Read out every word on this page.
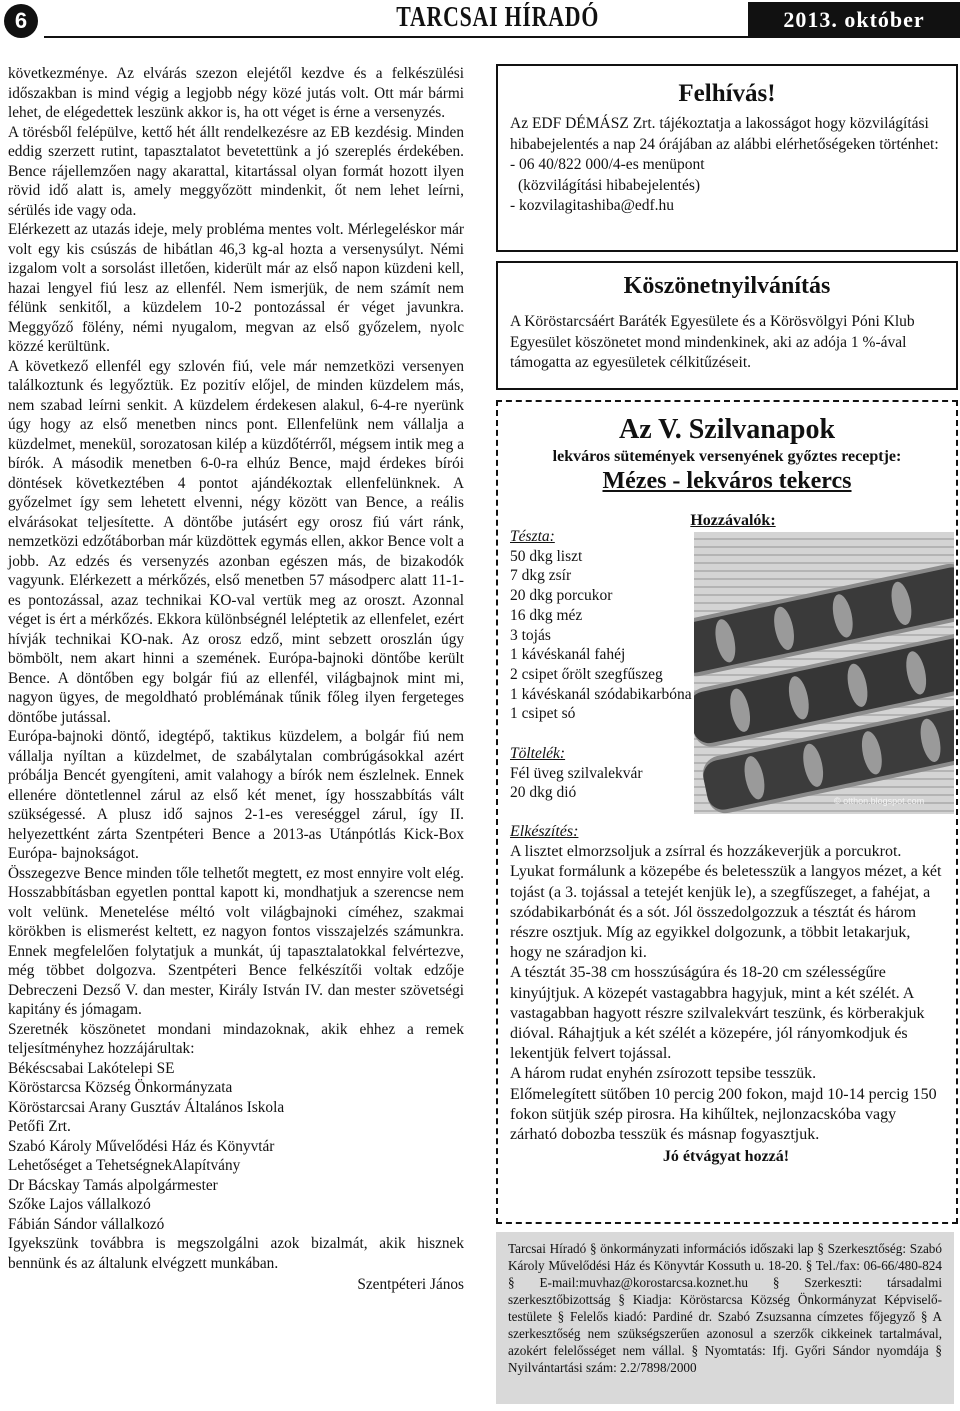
6	TARCSAI HÍRADÓ	2013. október

következménye. Az elvárás szezon elejétől kezdve és a felkészülési időszakban is mind végig a legjobb négy közé jutás volt. Ott már bármi lehet, de elégedettek leszünk akkor is, ha ott véget is érne a versenyzés.

A törésből felépülve, kettő hét állt rendelkezésre az EB kezdésig. Minden eddig szerzett rutint, tapasztalatot bevetettünk a jó szereplés érdekében. Bence rájellemzően nagy akarattal, kitartással olyan formát hozott ilyen rövid idő alatt is, amely meggyőzött mindenkit, őt nem lehet leírni, sérülés ide vagy oda.

Elérkezett az utazás ideje, mely probléma mentes volt. Mérlegeléskor már volt egy kis csúszás de hibátlan 46,3 kg-al hozta a versenysúlyt. Némi izgalom volt a sorsolást illetően, kiderült már az első napon küzdeni kell, hazai lengyel fiú lesz az ellenfél. Nem ismerjük, de nem számít nem félünk senkitől, a küzdelem 10-2 pontozással ér véget javunkra. Meggyőző fölény, némi nyugalom, megvan az első győzelem, nyolc közzé kerültünk.

A következő ellenfél egy szlovén fiú, vele már nemzetközi versenyen találkoztunk és legyőztük. Ez pozitív előjel, de minden küzdelem más, nem szabad leírni senkit. A küzdelem érdekesen alakul, 6-4-re nyerünk úgy hogy az első menetben nincs pont. Ellenfelünk nem vállalja a küzdelmet, menekül, sorozatosan kilép a küzdőtérről, mégsem intik meg a bírók. A második menetben 6-0-ra elhúz Bence, majd érdekes bírói döntések következtében 4 pontot ajándékoztak ellenfelünknek. A győzelmet így sem lehetett elvenni, négy között van Bence, a reális elvárásokat teljesítette. A döntőbe jutásért egy orosz fiú várt ránk, nemzetközi edzőtáborban már küzdöttek egymás ellen, akkor Bence volt a jobb. Az edzés és versenyzés azonban egészen más, de bizakodók vagyunk. Elérkezett a mérkőzés, első menetben 57 másodperc alatt 11-1-es pontozással, azaz technikai KO-val vertük meg az oroszt. Azonnal véget is ért a mérkőzés. Ekkora különbségnél leléptetik az ellenfelet, ezért hívják technikai KO-nak. Az orosz edző, mint sebzett oroszlán úgy bömbölt, nem akart hinni a szemének. Európa-bajnoki döntőbe került Bence. A döntőben egy bolgár fiú az ellenfél, világbajnok mint mi, nagyon ügyes, de megoldható problémának tűnik főleg ilyen fergeteges döntőbe jutással.

Európa-bajnoki döntő, idegtépő, taktikus küzdelem, a bolgár fiú nem vállalja nyíltan a küzdelmet, de szabálytalan combrúgásokkal azért próbálja Bencét gyengíteni, amit valahogy a bírók nem észlelnek. Ennek ellenére döntetlennel zárul az első két menet, így hosszabbítás vált szükségessé. A plusz idő sajnos 2-1-es vereséggel zárul, így II. helyezettként zárta Szentpéteri Bence a 2013-as Utánpótlás Kick-Box Európa- bajnokságot.

Összegezve Bence minden tőle telhetőt megtett, ez most ennyire volt elég. Hosszabbításban egyetlen ponttal kapott ki, mondhatjuk a szerencse nem volt velünk. Menetelése méltó volt világbajnoki címéhez, szakmai körökben is elismerést keltett, ez nagyon fontos visszajelzés számunkra. Ennek megfelelően folytatjuk a munkát, új tapasztalatokkal felvértezve, még többet dolgozva. Szentpéteri Bence felkészítői voltak edzője Debreczeni Dezső V. dan mester, Király István IV. dan mester szövetségi kapitány és jómagam.

Szeretnék köszönetet mondani mindazoknak, akik ehhez a remek teljesítményhez hozzájárultak:

Békéscsabai Lakótelepi SE

Köröstarcsa Község Önkormányzata

Köröstarcsai Arany Gusztáv Általános Iskola

Petőfi Zrt.

Szabó Károly Művelődési Ház és Könyvtár

Lehetőséget a TehetségnekAlapítvány

Dr Bácskay Tamás alpolgármester

Szőke Lajos vállalkozó

Fábián Sándor vállalkozó

Igyekszünk továbbra is megszolgálni azok bizalmát, akik hisznek bennünk és az általunk elvégzett munkában.

Szentpéteri János

Felhívás!
Az EDF DÉMÁSZ Zrt. tájékoztatja a lakosságot hogy közvilágítási hibabejelentés a nap 24 órájában az alábbi elérhetőségeken történhet:
- 06 40/822 000/4-es menüpont
(közvilágítási hibabejelentés)
- kozvilagitashiba@edf.hu
Köszönetnyilvánítás
A Köröstarcsáért Baráték Egyesülete és a Körösvölgyi Póni Klub Egyesület köszönetet mond mindenkinek, aki az adója 1 %-ával támogatta az egyesületek célkitűzéseit.
Az V. Szilvanapok
lekváros sütemények versenyének győztes receptje:
Mézes - lekváros tekercs
© otthon.blogspot.com
Hozzávalók:
Tészta:
50 dkg liszt
7 dkg zsír
20 dkg porcukor
16 dkg méz
3 tojás
1 kávéskanál fahéj
2 csipet őrölt szegfűszeg
1 kávéskanál szódabikarbóna
1 csipet só
Töltelék:
Fél üveg szilvalekvár
20 dkg dió

Elkészítés:

A lisztet elmorzsoljuk a zsírral és hozzákeverjük a porcukrot. Lyukat formálunk a közepébe és beletesszük a langyos mézet, a két tojást (a 3. tojással a tetejét kenjük le), a szegfűszeget, a fahéjat, a szódabikarbónát és a sót. Jól összedolgozzuk a tésztát és három részre osztjuk. Míg az egyikkel dolgozunk, a többit letakarjuk, hogy ne száradjon ki.

A tésztát 35-38 cm hosszúságúra és 18-20 cm szélességűre kinyújtjuk. A közepét vastagabbra hagyjuk, mint a két szélét. A vastagabban hagyott részre szilvalekvárt teszünk, és körberakjuk dióval. Ráhajtjuk a két szélét a közepére, jól rányomkodjuk és lekentjük felvert tojással.

A három rudat enyhén zsírozott tepsibe tesszük.

Előmelegített sütőben 10 percig 200 fokon, majd 10-14 percig 150 fokon sütjük szép pirosra. Ha kihűltek, nejlonzacskóba vagy zárható dobozba tesszük és másnap fogyasztjuk.

Jó étvágyat hozzá!

Tarcsai Híradó § önkormányzati információs időszaki lap § Szerkesztőség: Szabó Károly Művelődési Ház és Könyvtár Kossuth u. 18-20. § Tel./fax: 06-66/480-824 § E-mail:muvhaz@korostarcsa.koznet.hu § Szerkeszti: társadalmi szerkesztőbizottság § Kiadja: Köröstarcsa Község Önkormányzat Képviselő-testülete § Felelős kiadó: Pardiné dr. Szabó Zsuzsanna címzetes főjegyző § A szerkesztőség nem szükségszerűen azonosul a szerzők cikkeinek tartalmával, azokért felelősséget nem vállal. § Nyomtatás: Ifj. Győri Sándor nyomdája § Nyilvántartási szám: 2.2/7898/2000
